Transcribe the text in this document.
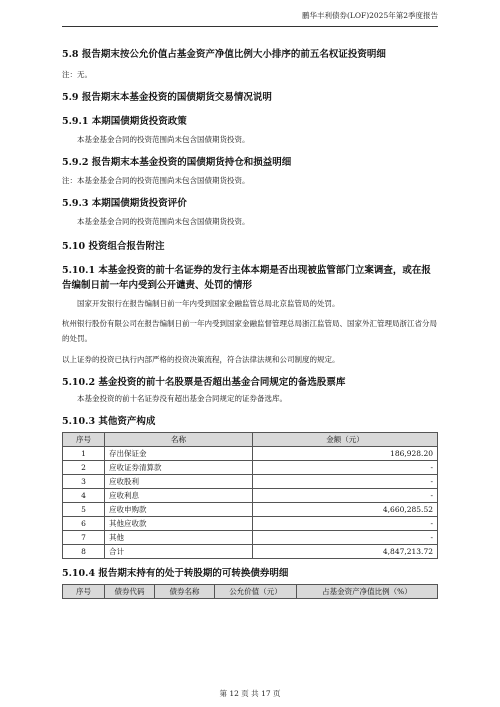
鹏华丰利债券(LOF)2025年第2季度报告

5.8 报告期末按公允价值占基金资产净值比例大小排序的前五名权证投资明细

注：无。

5.9 报告期末本基金投资的国债期货交易情况说明

5.9.1 本期国债期货投资政策

本基金基金合同的投资范围尚未包含国债期货投资。

5.9.2 报告期末本基金投资的国债期货持仓和损益明细

注：本基金基金合同的投资范围尚未包含国债期货投资。

5.9.3 本期国债期货投资评价

本基金基金合同的投资范围尚未包含国债期货投资。

5.10 投资组合报告附注

5.10.1 本基金投资的前十名证券的发行主体本期是否出现被监管部门立案调查，或在报告编制日前一年内受到公开谴责、处罚的情形

国家开发银行在报告编制日前一年内受到国家金融监管总局北京监管局的处罚。

杭州银行股份有限公司在报告编制日前一年内受到国家金融监督管理总局浙江监管局、国家外汇管理局浙江省分局的处罚。

以上证券的投资已执行内部严格的投资决策流程，符合法律法规和公司制度的规定。

5.10.2 基金投资的前十名股票是否超出基金合同规定的备选股票库

本基金投资的前十名证券没有超出基金合同规定的证券备选库。

5.10.3 其他资产构成

序号	名称	金额（元）
1	存出保证金	186,928.20
2	应收证券清算款	-
3	应收股利	-
4	应收利息	-
5	应收申购款	4,660,285.52
6	其他应收款	-
7	其他	-
8	合计	4,847,213.72

5.10.4 报告期末持有的处于转股期的可转换债券明细

序号	债券代码	债券名称	公允价值（元）	占基金资产净值比例（%）
第 12 页 共 17 页
